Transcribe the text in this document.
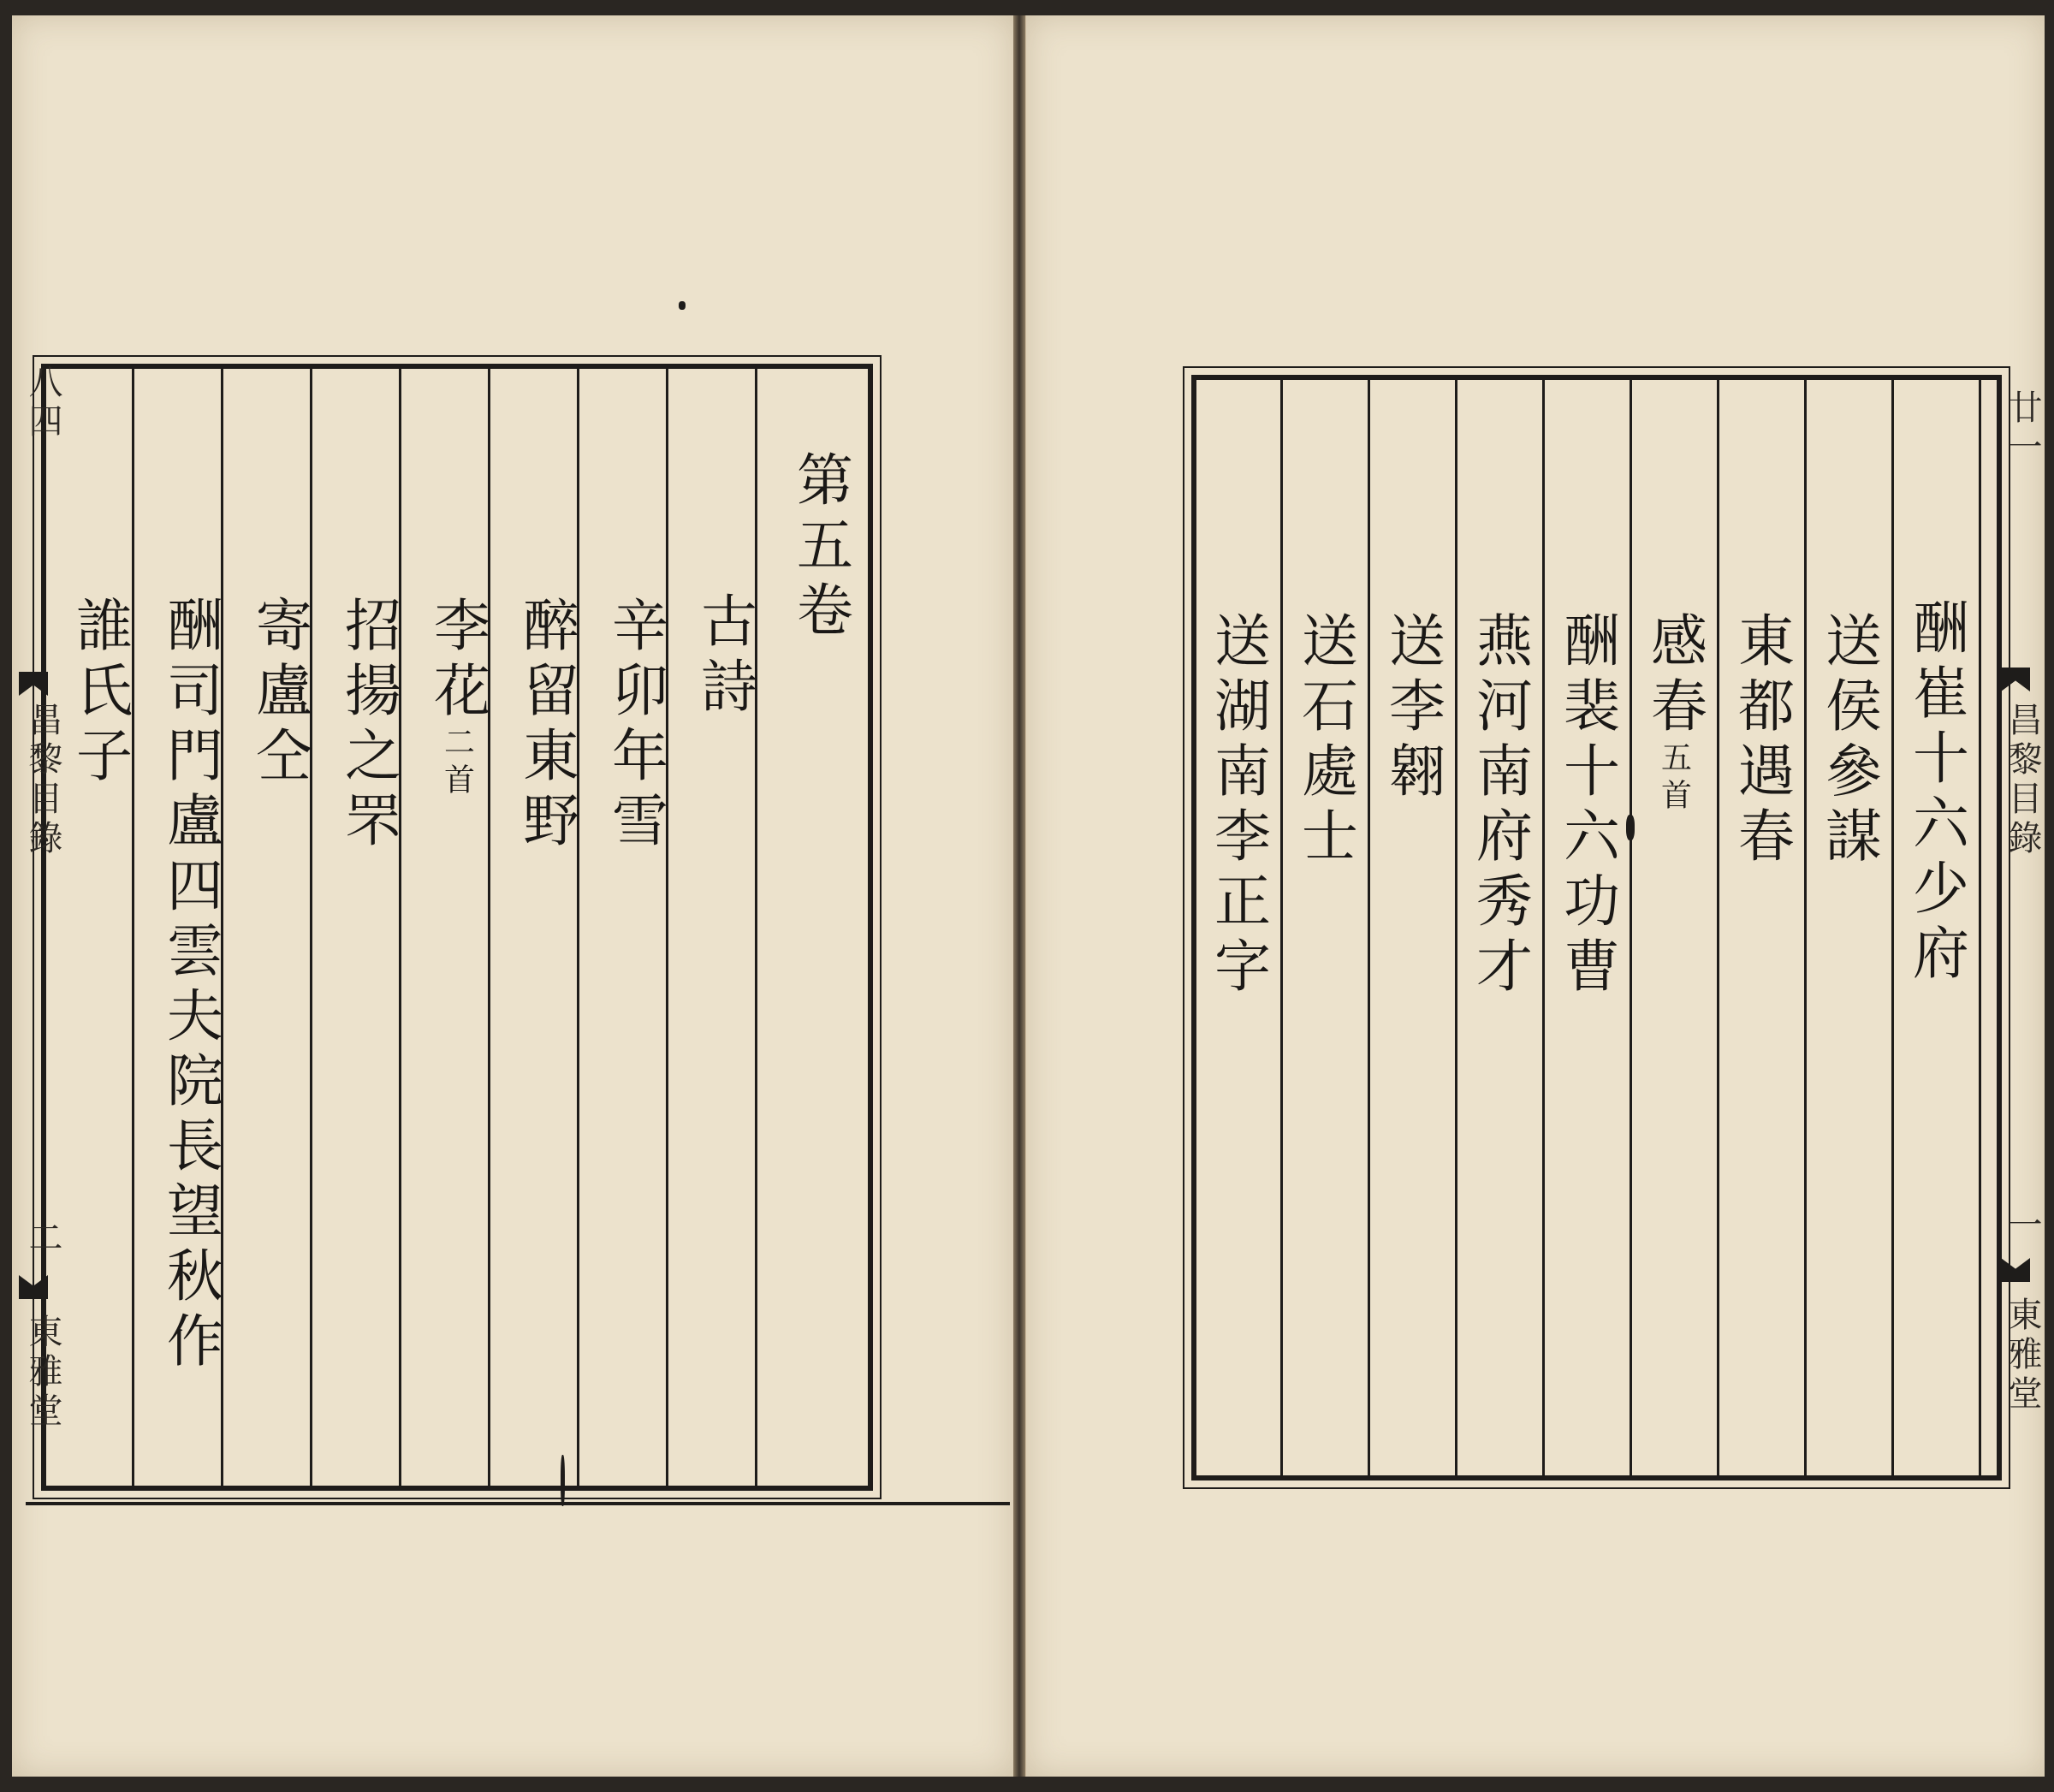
第五卷
古詩
辛卯年雪
醉留東野
李花
二首
招揚之罘
寄盧仝
酬司門盧四雲夫院長望秋作
誰氏子
八四
昌黎目錄
二
東雅堂
酬崔十六少府
送侯參謀
東都遇春
感春
五首
酬裴十六功曹
燕河南府秀才
送李翱
送石處士
送湖南李正字
廿一
昌黎目錄
一
東雅堂
